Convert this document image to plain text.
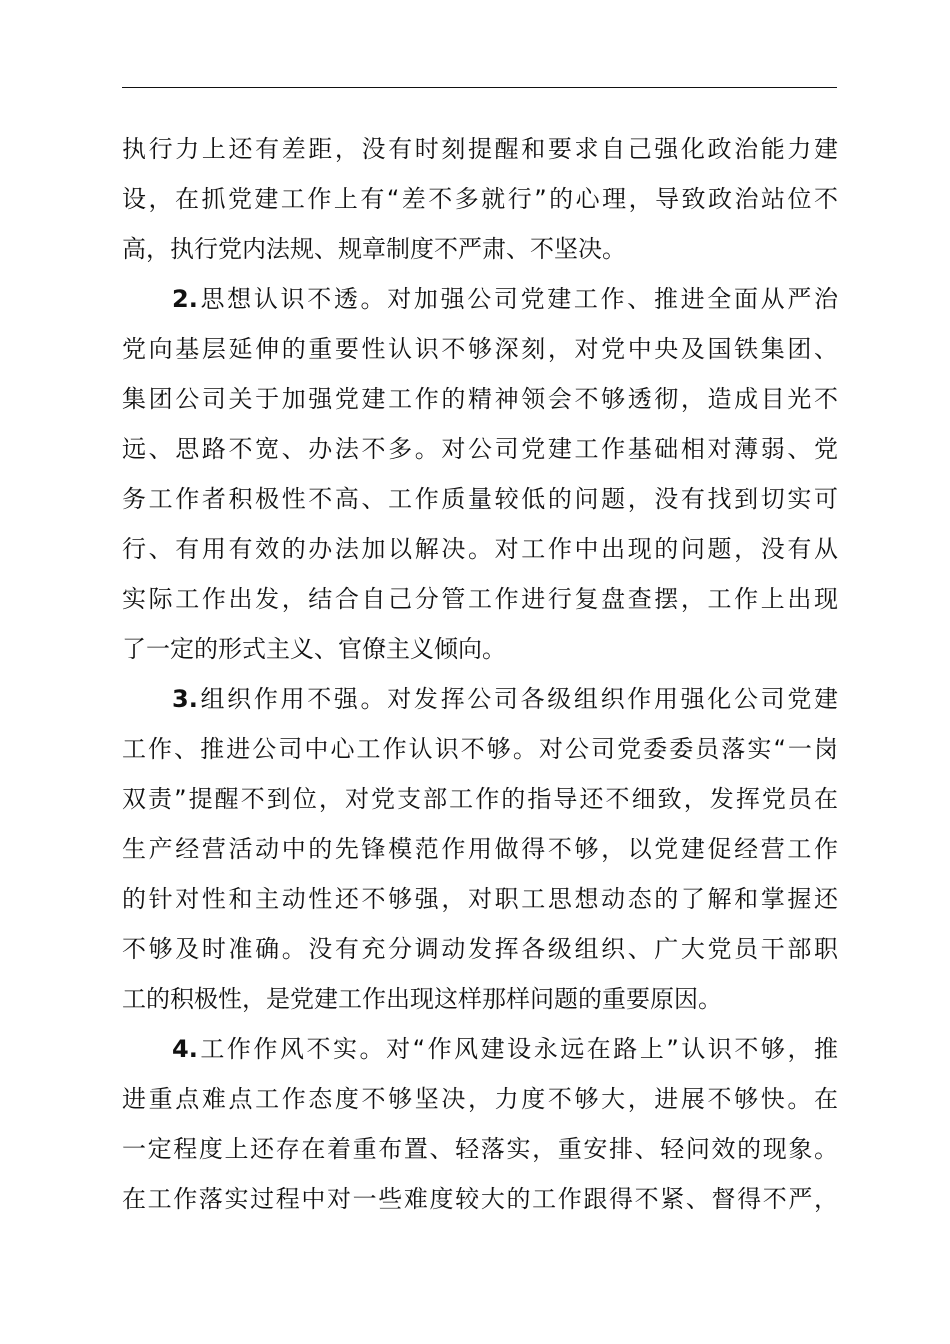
执行力上还有差距，没有时刻提醒和要求自己强化政治能力建
设，在抓党建工作上有“差不多就行”的心理，导致政治站位不
高，执行党内法规、规章制度不严肃、不坚决。
2.思想认识不透。对加强公司党建工作、推进全面从严治
党向基层延伸的重要性认识不够深刻，对党中央及国铁集团、
集团公司关于加强党建工作的精神领会不够透彻，造成目光不
远、思路不宽、办法不多。对公司党建工作基础相对薄弱、党
务工作者积极性不高、工作质量较低的问题，没有找到切实可
行、有用有效的办法加以解决。对工作中出现的问题，没有从
实际工作出发，结合自己分管工作进行复盘查摆，工作上出现
了一定的形式主义、官僚主义倾向。
3.组织作用不强。对发挥公司各级组织作用强化公司党建
工作、推进公司中心工作认识不够。对公司党委委员落实“一岗
双责”提醒不到位，对党支部工作的指导还不细致，发挥党员在
生产经营活动中的先锋模范作用做得不够，以党建促经营工作
的针对性和主动性还不够强，对职工思想动态的了解和掌握还
不够及时准确。没有充分调动发挥各级组织、广大党员干部职
工的积极性，是党建工作出现这样那样问题的重要原因。
4.工作作风不实。对“作风建设永远在路上”认识不够，推
进重点难点工作态度不够坚决，力度不够大，进展不够快。在
一定程度上还存在着重布置、轻落实，重安排、轻问效的现象。
在工作落实过程中对一些难度较大的工作跟得不紧、督得不严，
